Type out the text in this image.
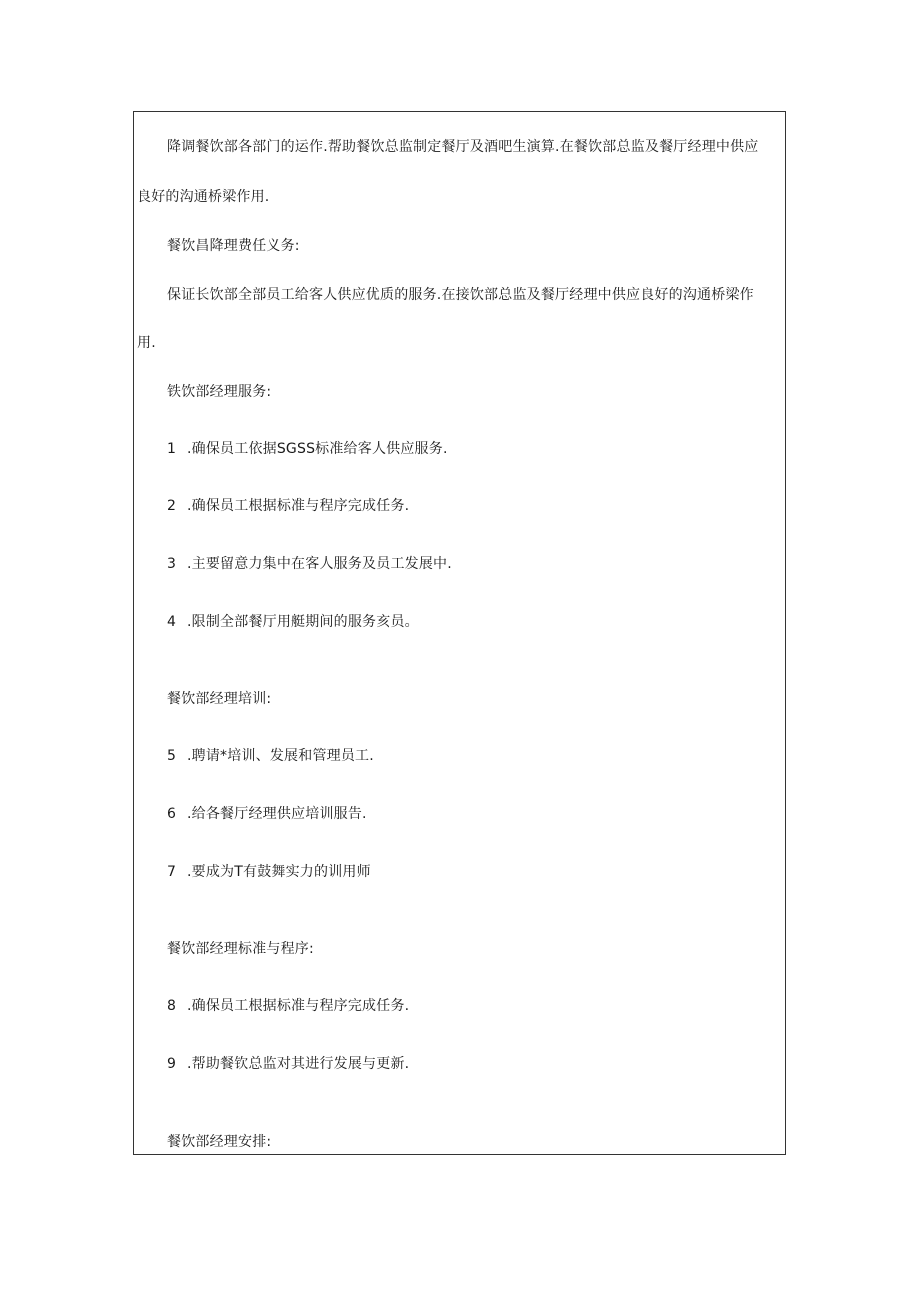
降调餐饮部各部门的运作.帮助餐饮总监制定餐厅及酒吧生演算.在餐饮部总监及餐厅经理中供应
良好的沟通桥梁作用.
餐饮昌降理费任义务:
保证长饮部全部员工给客人供应优质的服务.在接饮部总监及餐厅经理中供应良好的沟通桥梁作
用.
铁饮部经理服务:
1 .确保员工依据SGSS标准给客人供应服务.
2 .确保员工根据标准与程序完成任务.
3 .主要留意力集中在客人服务及员工发展中.
4 .限制全部餐厅用艇期间的服务亥员。
餐饮部经理培训:
5 .聘请*培训、发展和管理员工.
6 .给各餐厅经理供应培训服告.
7 .要成为T有鼓舞实力的训用师
餐饮部经理标准与程序:
8 .确保员工根据标准与程序完成任务.
9 .帮助餐钦总监对其进行发展与更新.
餐饮部经理安排:
